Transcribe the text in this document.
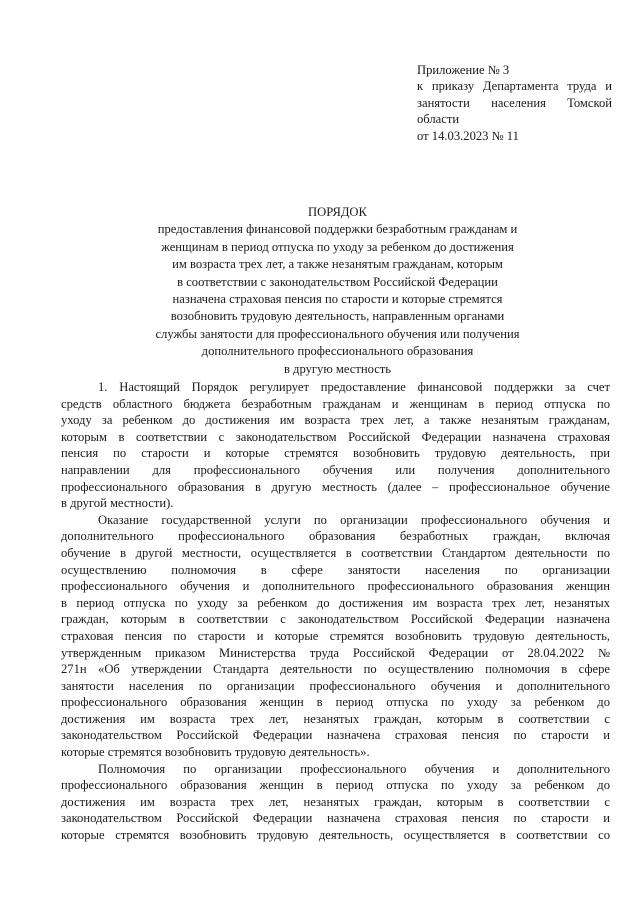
Приложение № 3
к приказу Департамента труда и
занятости населения Томской
области
от 14.03.2023 № 11
ПОРЯДОК
предоставления финансовой поддержки безработным гражданам и
женщинам в период отпуска по уходу за ребенком до достижения
им возраста трех лет, а также незанятым гражданам, которым
в соответствии с законодательством Российской Федерации
назначена страховая пенсия по старости и которые стремятся
возобновить трудовую деятельность, направленным органами
службы занятости для профессионального обучения или получения
дополнительного профессионального образования
в другую местность

1. Настоящий Порядок регулирует предоставление финансовой поддержки за счет
средств областного бюджета безработным гражданам и женщинам в период отпуска по
уходу за ребенком до достижения им возраста трех лет, а также незанятым гражданам,
которым в соответствии с законодательством Российской Федерации назначена страховая
пенсия по старости и которые стремятся возобновить трудовую деятельность, при
направлении для профессионального обучения или получения дополнительного
профессионального образования в другую местность (далее – профессиональное обучение
в другой местности).

Оказание государственной услуги по организации профессионального обучения и
дополнительного профессионального образования безработных граждан, включая
обучение в другой местности, осуществляется в соответствии Стандартом деятельности по
осуществлению полномочия в сфере занятости населения по организации
профессионального обучения и дополнительного профессионального образования женщин
в период отпуска по уходу за ребенком до достижения им возраста трех лет, незанятых
граждан, которым в соответствии с законодательством Российской Федерации назначена
страховая пенсия по старости и которые стремятся возобновить трудовую деятельность,
утвержденным приказом Министерства труда Российской Федерации от 28.04.2022 №
271н «Об утверждении Стандарта деятельности по осуществлению полномочия в сфере
занятости населения по организации профессионального обучения и дополнительного
профессионального образования женщин в период отпуска по уходу за ребенком до
достижения им возраста трех лет, незанятых граждан, которым в соответствии с
законодательством Российской Федерации назначена страховая пенсия по старости и
которые стремятся возобновить трудовую деятельность».

Полномочия по организации профессионального обучения и дополнительного
профессионального образования женщин в период отпуска по уходу за ребенком до
достижения им возраста трех лет, незанятых граждан, которым в соответствии с
законодательством Российской Федерации назначена страховая пенсия по старости и
которые стремятся возобновить трудовую деятельность, осуществляется в соответствии со
